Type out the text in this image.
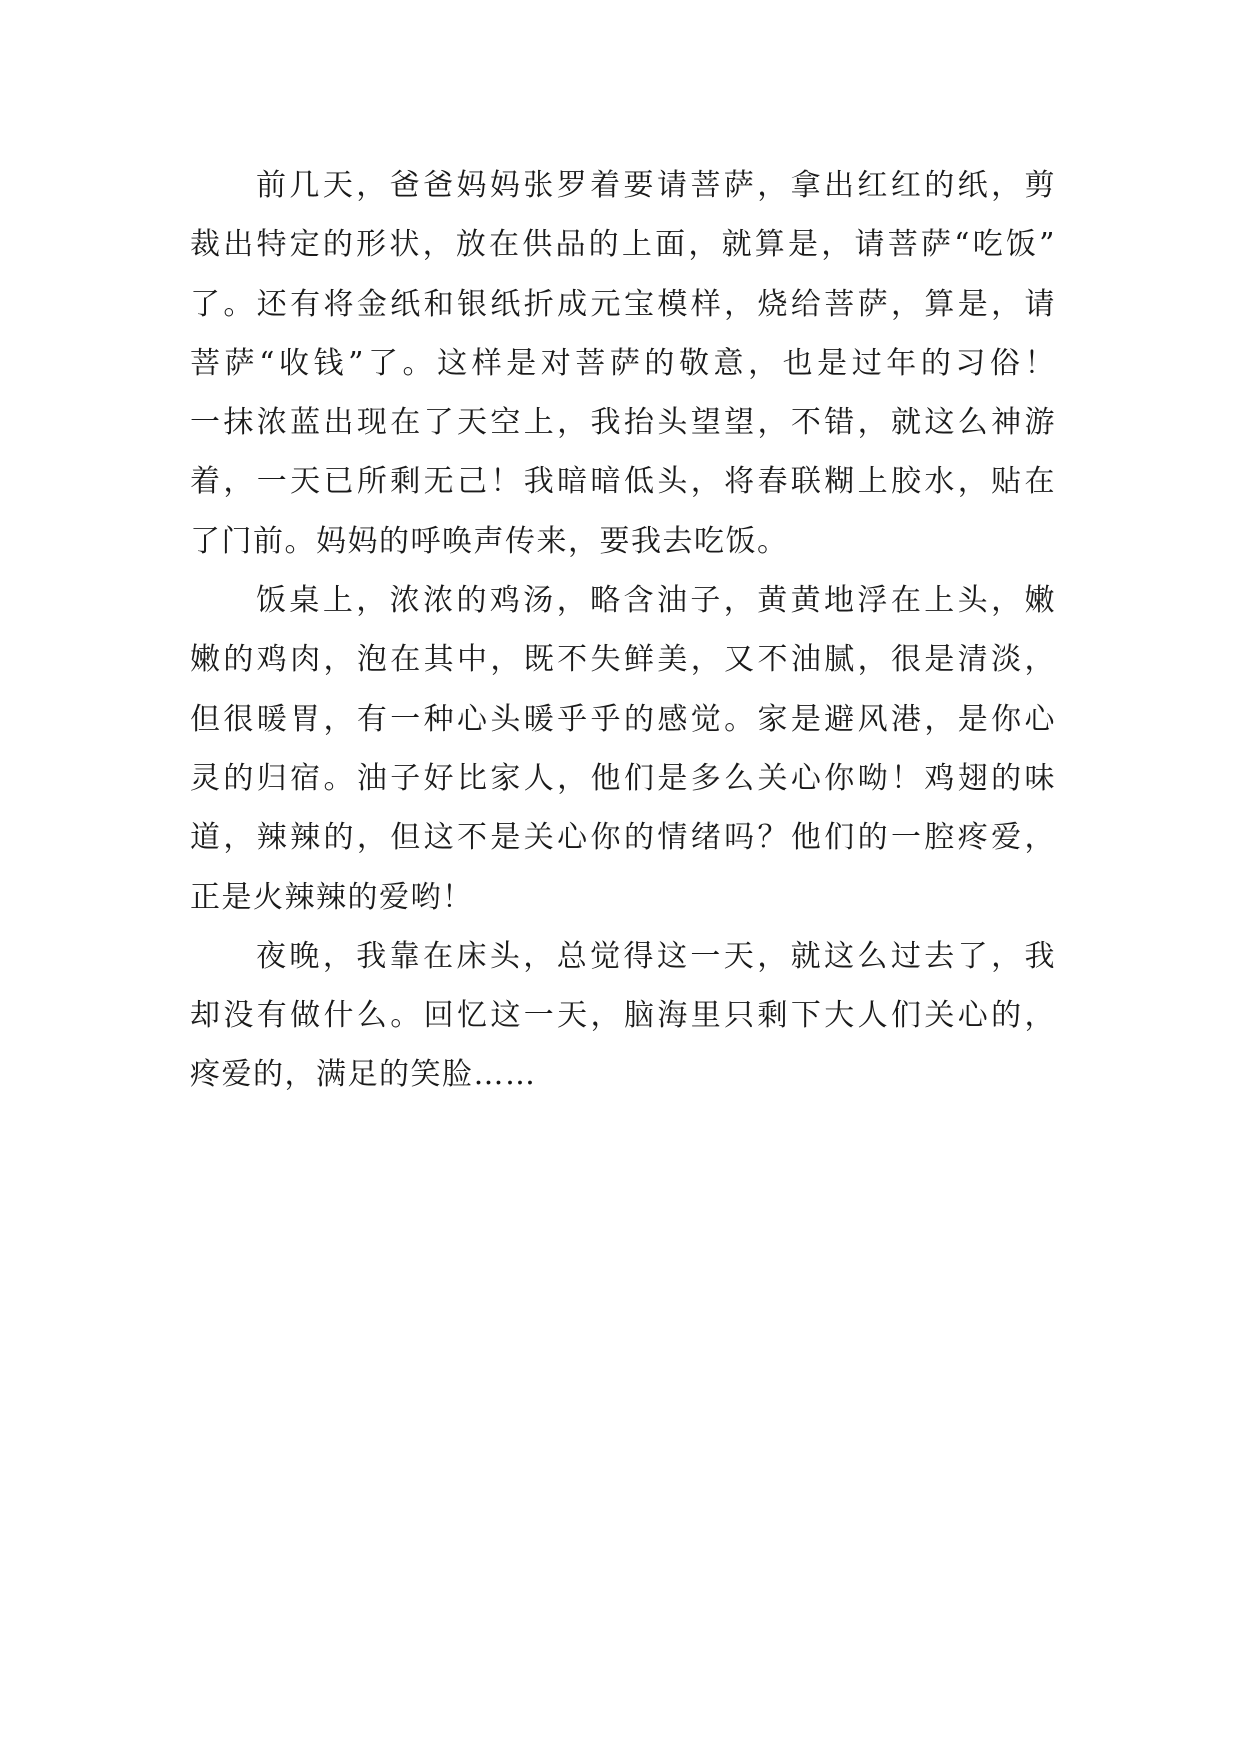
前几天，爸爸妈妈张罗着要请菩萨，拿出红红的纸，剪
裁出特定的形状，放在供品的上面，就算是，请菩萨“吃饭”
了。还有将金纸和银纸折成元宝模样，烧给菩萨，算是，请
菩萨“收钱”了。这样是对菩萨的敬意，也是过年的习俗！
一抹浓蓝出现在了天空上，我抬头望望，不错，就这么神游
着，一天已所剩无己！我暗暗低头，将春联糊上胶水，贴在
了门前。妈妈的呼唤声传来，要我去吃饭。

饭桌上，浓浓的鸡汤，略含油子，黄黄地浮在上头，嫩
嫩的鸡肉，泡在其中，既不失鲜美，又不油腻，很是清淡，
但很暖胃，有一种心头暖乎乎的感觉。家是避风港，是你心
灵的归宿。油子好比家人，他们是多么关心你呦！鸡翅的味
道，辣辣的，但这不是关心你的情绪吗？他们的一腔疼爱，
正是火辣辣的爱哟！

夜晚，我靠在床头，总觉得这一天，就这么过去了，我
却没有做什么。回忆这一天，脑海里只剩下大人们关心的，
疼爱的，满足的笑脸……
